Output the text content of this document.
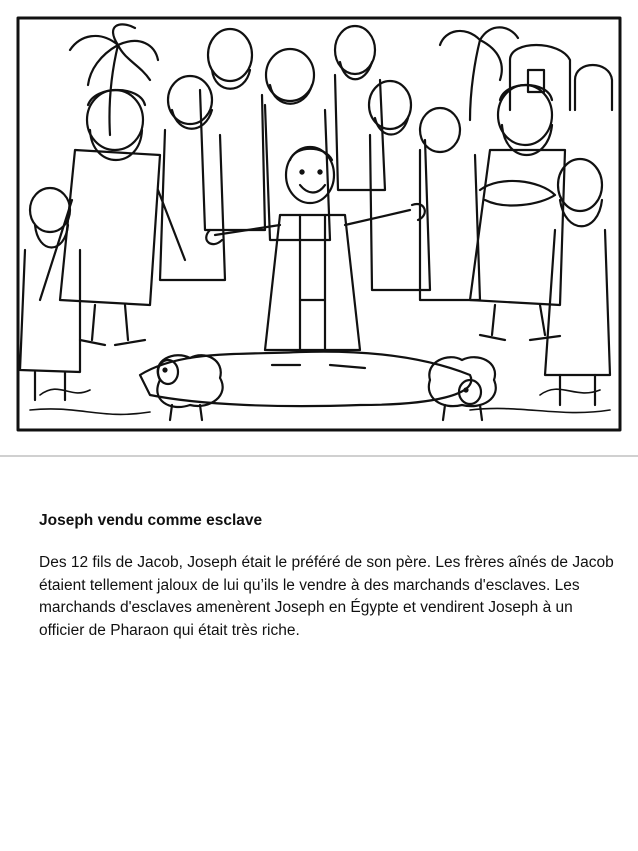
Joseph vendu comme esclave

Des 12 fils de Jacob, Joseph était le préféré de son père. Les frères aînés de Jacob étaient tellement jaloux de lui qu’ils le vendre à des marchands d'esclaves. Les marchands d'esclaves amenèrent Joseph en Égypte et vendirent Joseph à un officier de Pharaon qui était très riche.
